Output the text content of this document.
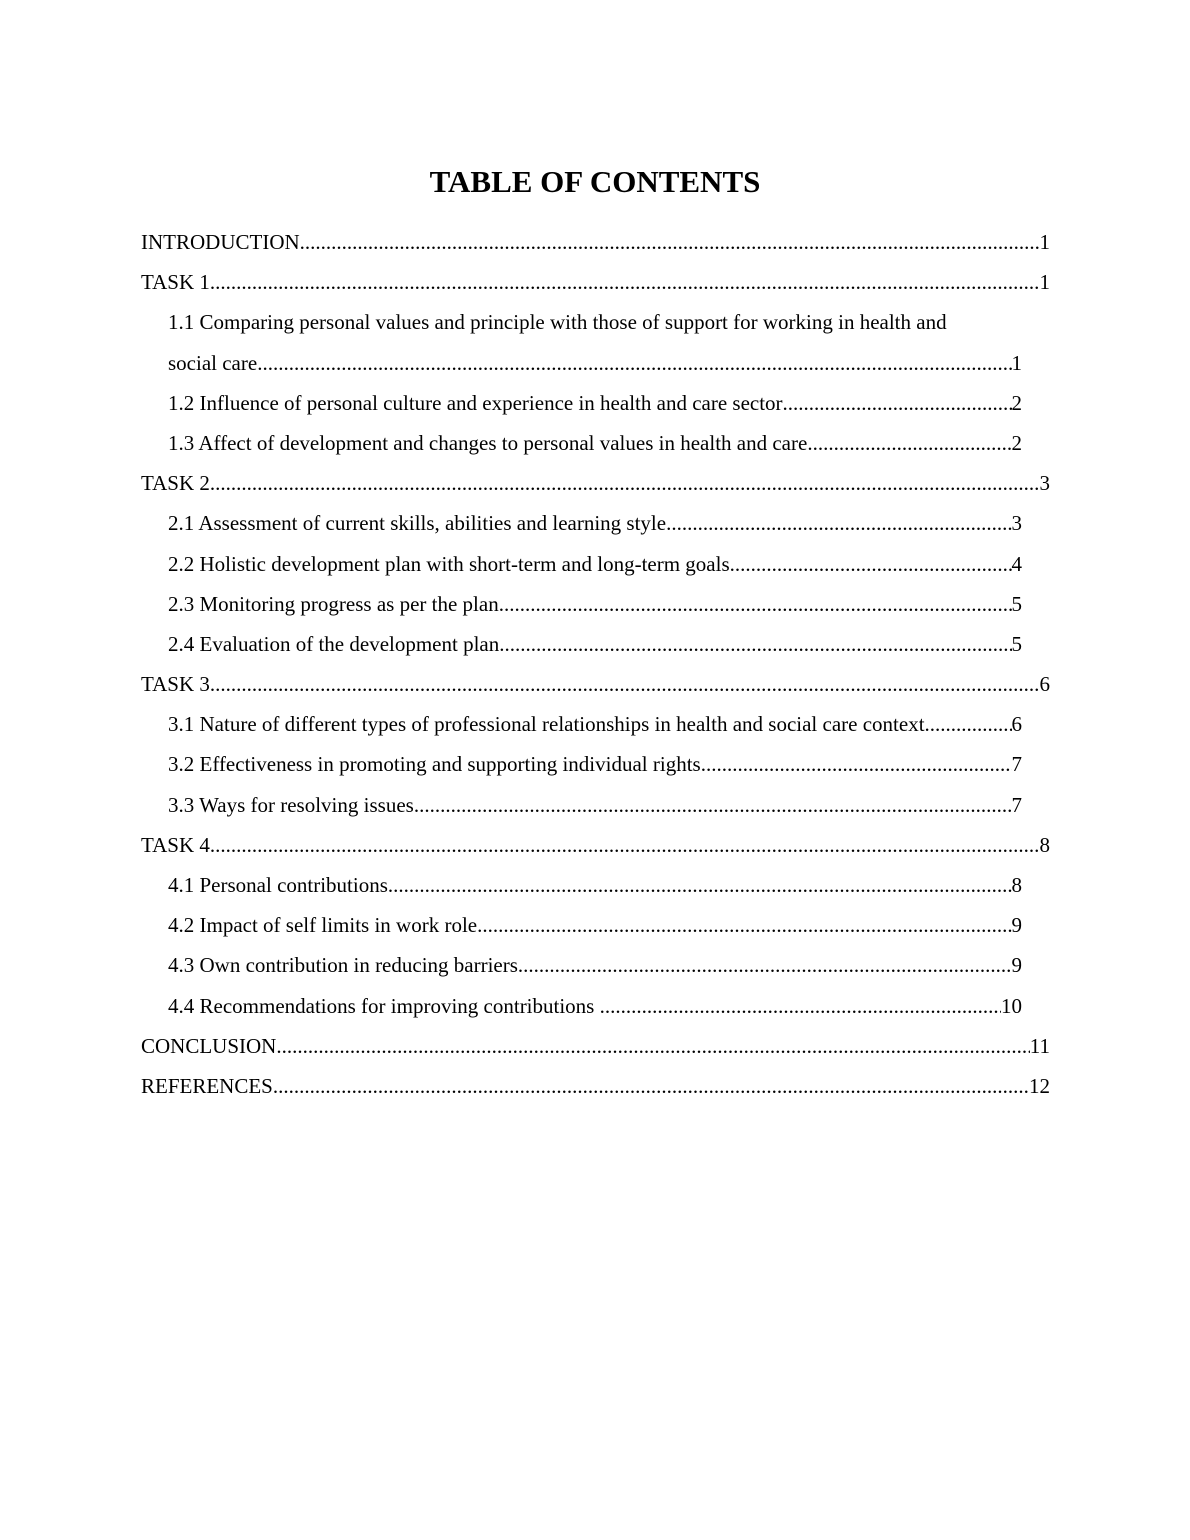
TABLE OF CONTENTS
INTRODUCTION .....	1
TASK 1 .....	1
1.1 Comparing personal values and principle with those of support for working in health and
social care .....	1
1.2 Influence of personal culture and experience in health and care sector .....	2
1.3 Affect of development and changes to personal values in health and care .....	2
TASK 2 .....	3
2.1 Assessment of current skills, abilities and learning style .....	3
2.2 Holistic development plan with short-term and long-term goals .....	4
2.3 Monitoring progress as per the plan .....	5
2.4 Evaluation of the development plan .....	5
TASK 3 .....	6
3.1 Nature of different types of professional relationships in health and social care context .....	6
3.2 Effectiveness in promoting and supporting individual rights .....	7
3.3 Ways for resolving issues .....	7
TASK 4 .....	8
4.1 Personal contributions .....	8
4.2 Impact of self limits in work role .....	9
4.3 Own contribution in reducing barriers .....	9
4.4 Recommendations for improving contributions .....	10
CONCLUSION .....	11
REFERENCES .....	12
